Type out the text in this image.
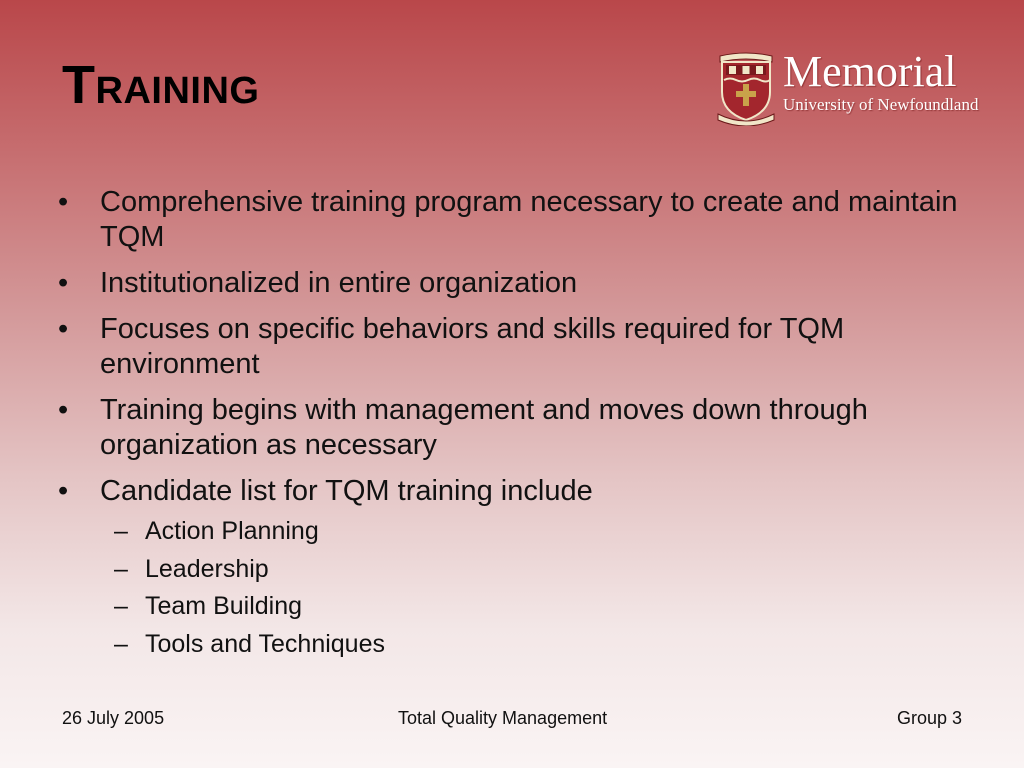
TRAINING	Memorial
University of Newfoundland
• Comprehensive training program necessary to create and maintain TQM
• Institutionalized in entire organization
• Focuses on specific behaviors and skills required for TQM environment
• Training begins with management and moves down through organization as necessary
• Candidate list for TQM training include
– Action Planning
– Leadership
– Team Building
– Tools and Techniques
26 July 2005	Total Quality Management	Group 3
